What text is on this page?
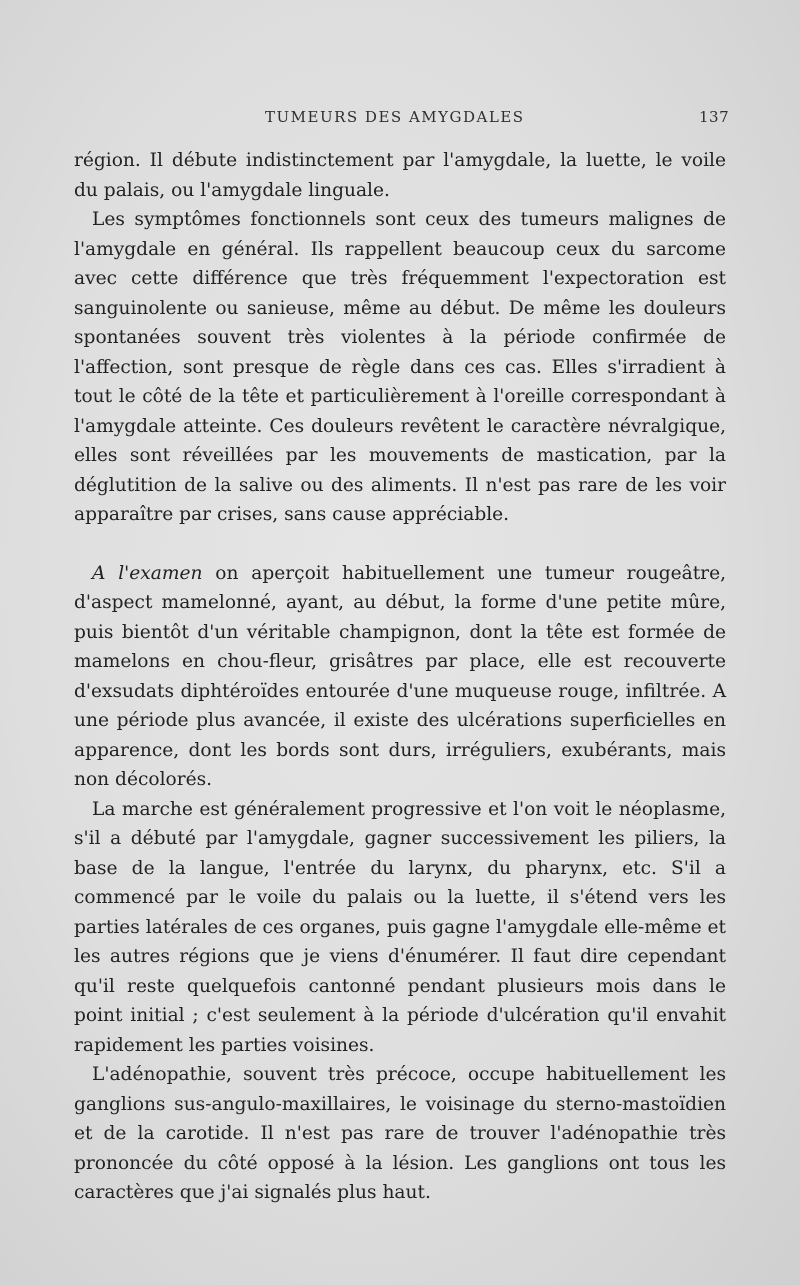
TUMEURS DES AMYGDALES	137

région. Il débute indistinctement par l'amygdale, la luette, le voile du palais, ou l'amygdale linguale.

Les symptômes fonctionnels sont ceux des tumeurs malignes de l'amygdale en général. Ils rappellent beaucoup ceux du sarcome avec cette différence que très fréquemment l'expectoration est sanguinolente ou sanieuse, même au début. De même les douleurs spontanées souvent très violentes à la période confirmée de l'affection, sont presque de règle dans ces cas. Elles s'irradient à tout le côté de la tête et particulièrement à l'oreille correspondant à l'amygdale atteinte. Ces douleurs revêtent le caractère névralgique, elles sont réveillées par les mouvements de mastication, par la déglutition de la salive ou des aliments. Il n'est pas rare de les voir apparaître par crises, sans cause appréciable.

A l'examen on aperçoit habituellement une tumeur rougeâtre, d'aspect mamelonné, ayant, au début, la forme d'une petite mûre, puis bientôt d'un véritable champignon, dont la tête est formée de mamelons en chou-fleur, grisâtres par place, elle est recouverte d'exsudats diphtéroïdes entourée d'une muqueuse rouge, infiltrée. A une période plus avancée, il existe des ulcérations superficielles en apparence, dont les bords sont durs, irréguliers, exubérants, mais non décolorés.

La marche est généralement progressive et l'on voit le néoplasme, s'il a débuté par l'amygdale, gagner successivement les piliers, la base de la langue, l'entrée du larynx, du pharynx, etc. S'il a commencé par le voile du palais ou la luette, il s'étend vers les parties latérales de ces organes, puis gagne l'amygdale elle-même et les autres régions que je viens d'énumérer. Il faut dire cependant qu'il reste quelquefois cantonné pendant plusieurs mois dans le point initial ; c'est seulement à la période d'ulcération qu'il envahit rapidement les parties voisines.

L'adénopathie, souvent très précoce, occupe habituellement les ganglions sus-angulo-maxillaires, le voisinage du sterno-mastoïdien et de la carotide. Il n'est pas rare de trouver l'adénopathie très prononcée du côté opposé à la lésion. Les ganglions ont tous les caractères que j'ai signalés plus haut.
